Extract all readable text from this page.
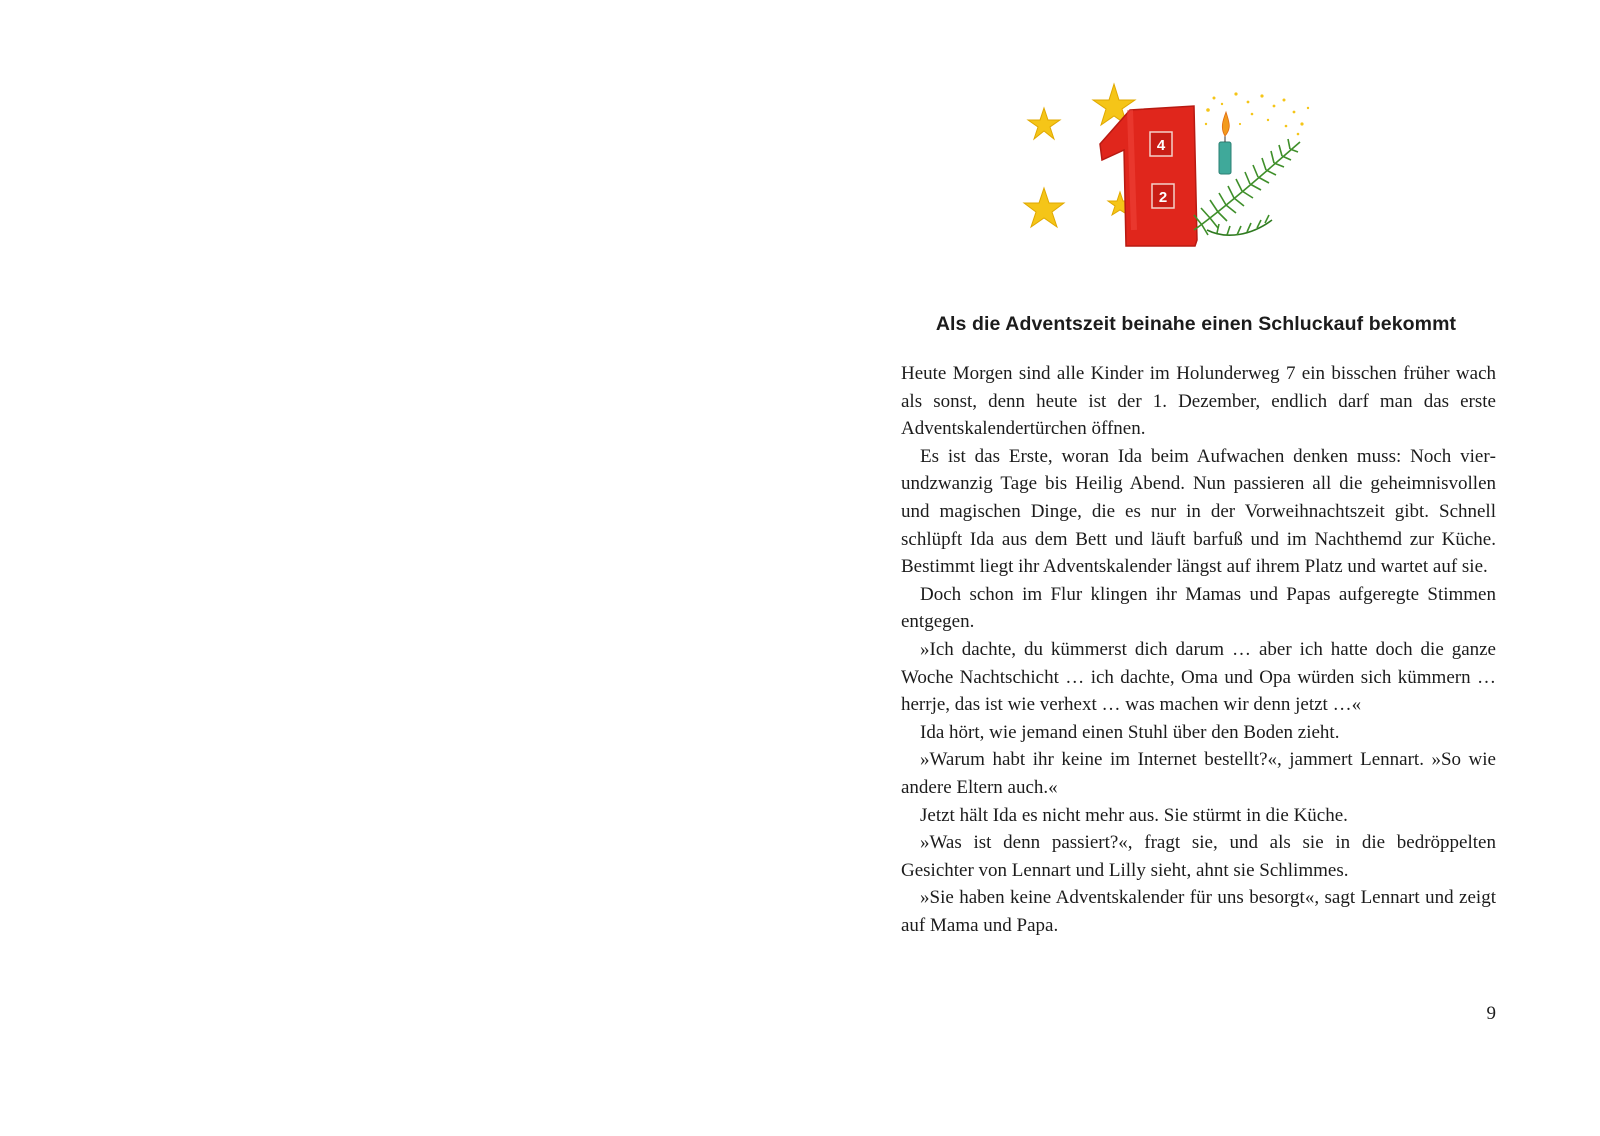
4
2
Als die Adventszeit beinahe einen Schluckauf bekommt

Heute Morgen sind alle Kinder im Holunderweg 7 ein bisschen früher wach als sonst, denn heute ist der 1. Dezember, endlich darf man das erste Adventskalendertürchen öffnen.

Es ist das Erste, woran Ida beim Aufwachen denken muss: Noch vierundzwanzig Tage bis Heilig Abend. Nun passieren all die geheimnisvollen und magischen Dinge, die es nur in der Vorweihnachtszeit gibt. Schnell schlüpft Ida aus dem Bett und läuft barfuß und im Nachthemd zur Küche. Bestimmt liegt ihr Adventskalender längst auf ihrem Platz und wartet auf sie.

Doch schon im Flur klingen ihr Mamas und Papas aufgeregte Stimmen entgegen.

»Ich dachte, du kümmerst dich darum … aber ich hatte doch die ganze Woche Nachtschicht … ich dachte, Oma und Opa würden sich kümmern … herrje, das ist wie verhext … was machen wir denn jetzt …«

Ida hört, wie jemand einen Stuhl über den Boden zieht.

»Warum habt ihr keine im Internet bestellt?«, jammert Lennart. »So wie andere Eltern auch.«

Jetzt hält Ida es nicht mehr aus. Sie stürmt in die Küche.

»Was ist denn passiert?«, fragt sie, und als sie in die bedröppelten Gesichter von Lennart und Lilly sieht, ahnt sie Schlimmes.

»Sie haben keine Adventskalender für uns besorgt«, sagt Lennart und zeigt auf Mama und Papa.

9
